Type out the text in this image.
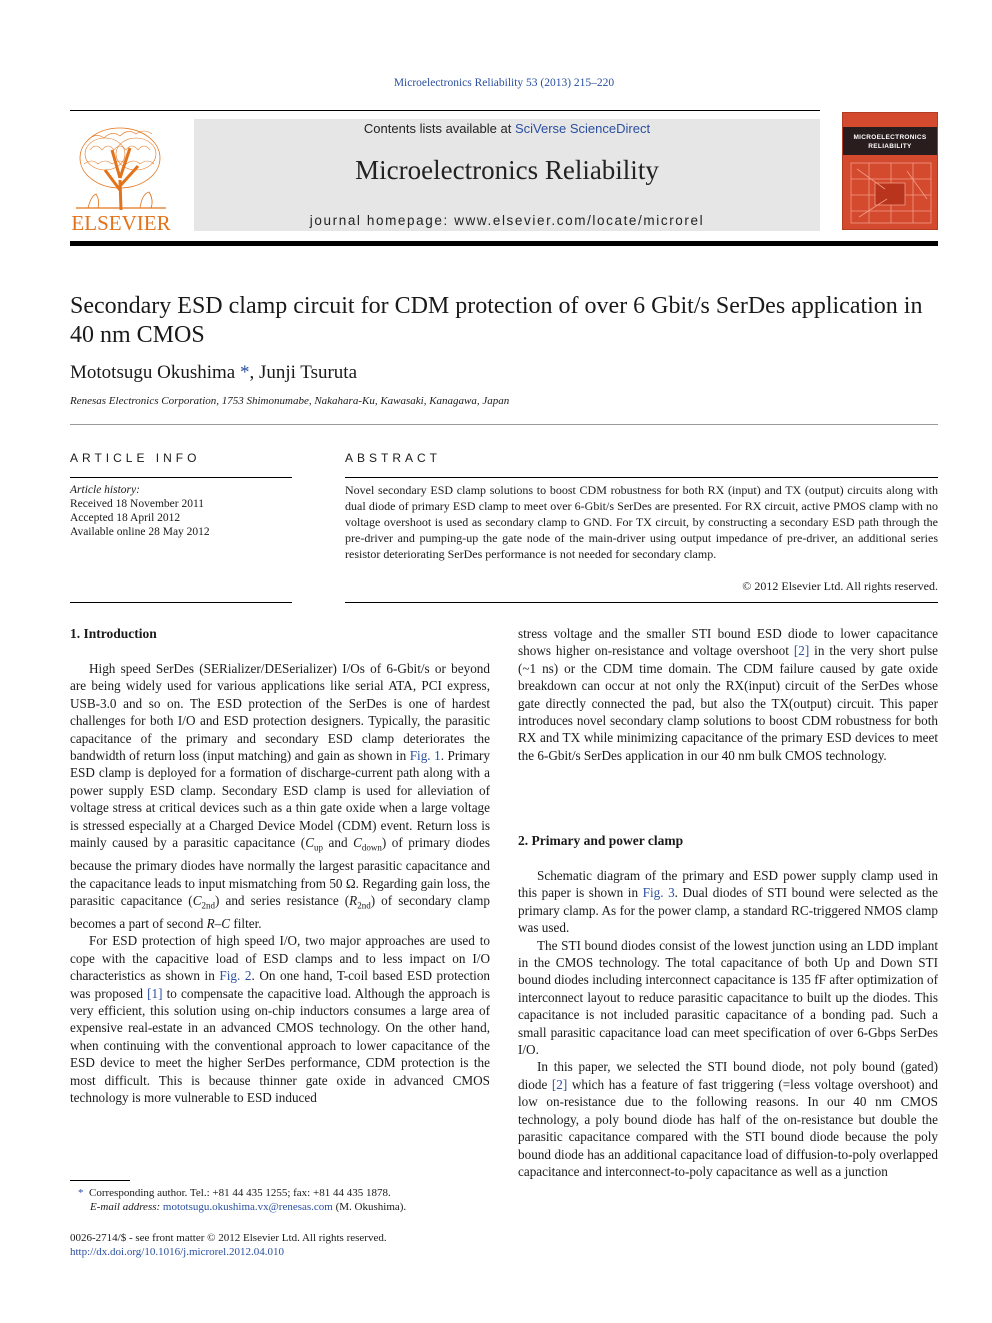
Microelectronics Reliability 53 (2013) 215–220
ELSEVIER
Contents lists available at SciVerse ScienceDirect
Microelectronics Reliability
journal homepage: www.elsevier.com/locate/microrel
MICROELECTRONICS
RELIABILITY
Secondary ESD clamp circuit for CDM protection of over 6 Gbit/s SerDes application in 40 nm CMOS
Mototsugu Okushima *, Junji Tsuruta
Renesas Electronics Corporation, 1753 Shimonumabe, Nakahara-Ku, Kawasaki, Kanagawa, Japan
ARTICLE INFO
Article history:
Received 18 November 2011
Accepted 18 April 2012
Available online 28 May 2012
ABSTRACT
Novel secondary ESD clamp solutions to boost CDM robustness for both RX (input) and TX (output) circuits along with dual diode of primary ESD clamp to meet over 6-Gbit/s SerDes are presented. For RX circuit, active PMOS clamp with no voltage overshoot is used as secondary clamp to GND. For TX circuit, by constructing a secondary ESD path through the pre-driver and pumping-up the gate node of the main-driver using output impedance of pre-driver, an additional series resistor deteriorating SerDes performance is not needed for secondary clamp.
© 2012 Elsevier Ltd. All rights reserved.
1. Introduction

High speed SerDes (SERializer/DESerializer) I/Os of 6-Gbit/s or beyond are being widely used for various applications like serial ATA, PCI express, USB-3.0 and so on. The ESD protection of the SerDes is one of hardest challenges for both I/O and ESD protection designers. Typically, the parasitic capacitance of the primary and secondary ESD clamp deteriorates the bandwidth of return loss (input matching) and gain as shown in Fig. 1. Primary ESD clamp is deployed for a formation of discharge-current path along with a power supply ESD clamp. Secondary ESD clamp is used for alleviation of voltage stress at critical devices such as a thin gate oxide when a large voltage is stressed especially at a Charged Device Model (CDM) event. Return loss is mainly caused by a parasitic capacitance ($C_{up}$ and $C_{down}$) of primary diodes because the primary diodes have normally the largest parasitic capacitance and the capacitance leads to input mismatching from 50 Ω. Regarding gain loss, the parasitic capacitance $(C_{2nd})$ and series resistance $(R_{2nd})$ of secondary clamp becomes a part of second R–C filter.

For ESD protection of high speed I/O, two major approaches are used to cope with the capacitive load of ESD clamps and to less impact on I/O characteristics as shown in Fig. 2. On one hand, T-coil based ESD protection was proposed [1] to compensate the capacitive load. Although the approach is very efficient, this solution using on-chip inductors consumes a large area of expensive real-estate in an advanced CMOS technology. On the other hand, when continuing with the conventional approach to lower capacitance of the ESD device to meet the higher SerDes performance, CDM protection is the most difficult. This is because thinner gate oxide in advanced CMOS technology is more vulnerable to ESD induced

stress voltage and the smaller STI bound ESD diode to lower capacitance shows higher on-resistance and voltage overshoot [2] in the very short pulse (~1 ns) or the CDM time domain. The CDM failure caused by gate oxide breakdown can occur at not only the RX(input) circuit of the SerDes whose gate directly connected the pad, but also the TX(output) circuit. This paper introduces novel secondary clamp solutions to boost CDM robustness for both RX and TX while minimizing capacitance of the primary ESD devices to meet the 6-Gbit/s SerDes application in our 40 nm bulk CMOS technology.

2. Primary and power clamp

Schematic diagram of the primary and ESD power supply clamp used in this paper is shown in Fig. 3. Dual diodes of STI bound were selected as the primary clamp. As for the power clamp, a standard RC-triggered NMOS clamp was used.

The STI bound diodes consist of the lowest junction using an LDD implant in the CMOS technology. The total capacitance of both Up and Down STI bound diodes including interconnect capacitance is 135 fF after optimization of interconnect layout to reduce parasitic capacitance to built up the diodes. This capacitance is not included parasitic capacitance of a bonding pad. Such a small parasitic capacitance load can meet specification of over 6-Gbps SerDes I/O.

In this paper, we selected the STI bound diode, not poly bound (gated) diode [2] which has a feature of fast triggering (=less voltage overshoot) and low on-resistance due to the following reasons. In our 40 nm CMOS technology, a poly bound diode has half of the on-resistance but double the parasitic capacitance compared with the STI bound diode because the poly bound diode has an additional capacitance load of diffusion-to-poly overlapped capacitance and interconnect-to-poly capacitance as well as a junction

* Corresponding author. Tel.: +81 44 435 1255; fax: +81 44 435 1878.
E-mail address: mototsugu.okushima.vx@renesas.com (M. Okushima).
0026-2714/$ - see front matter © 2012 Elsevier Ltd. All rights reserved.
http://dx.doi.org/10.1016/j.microrel.2012.04.010
